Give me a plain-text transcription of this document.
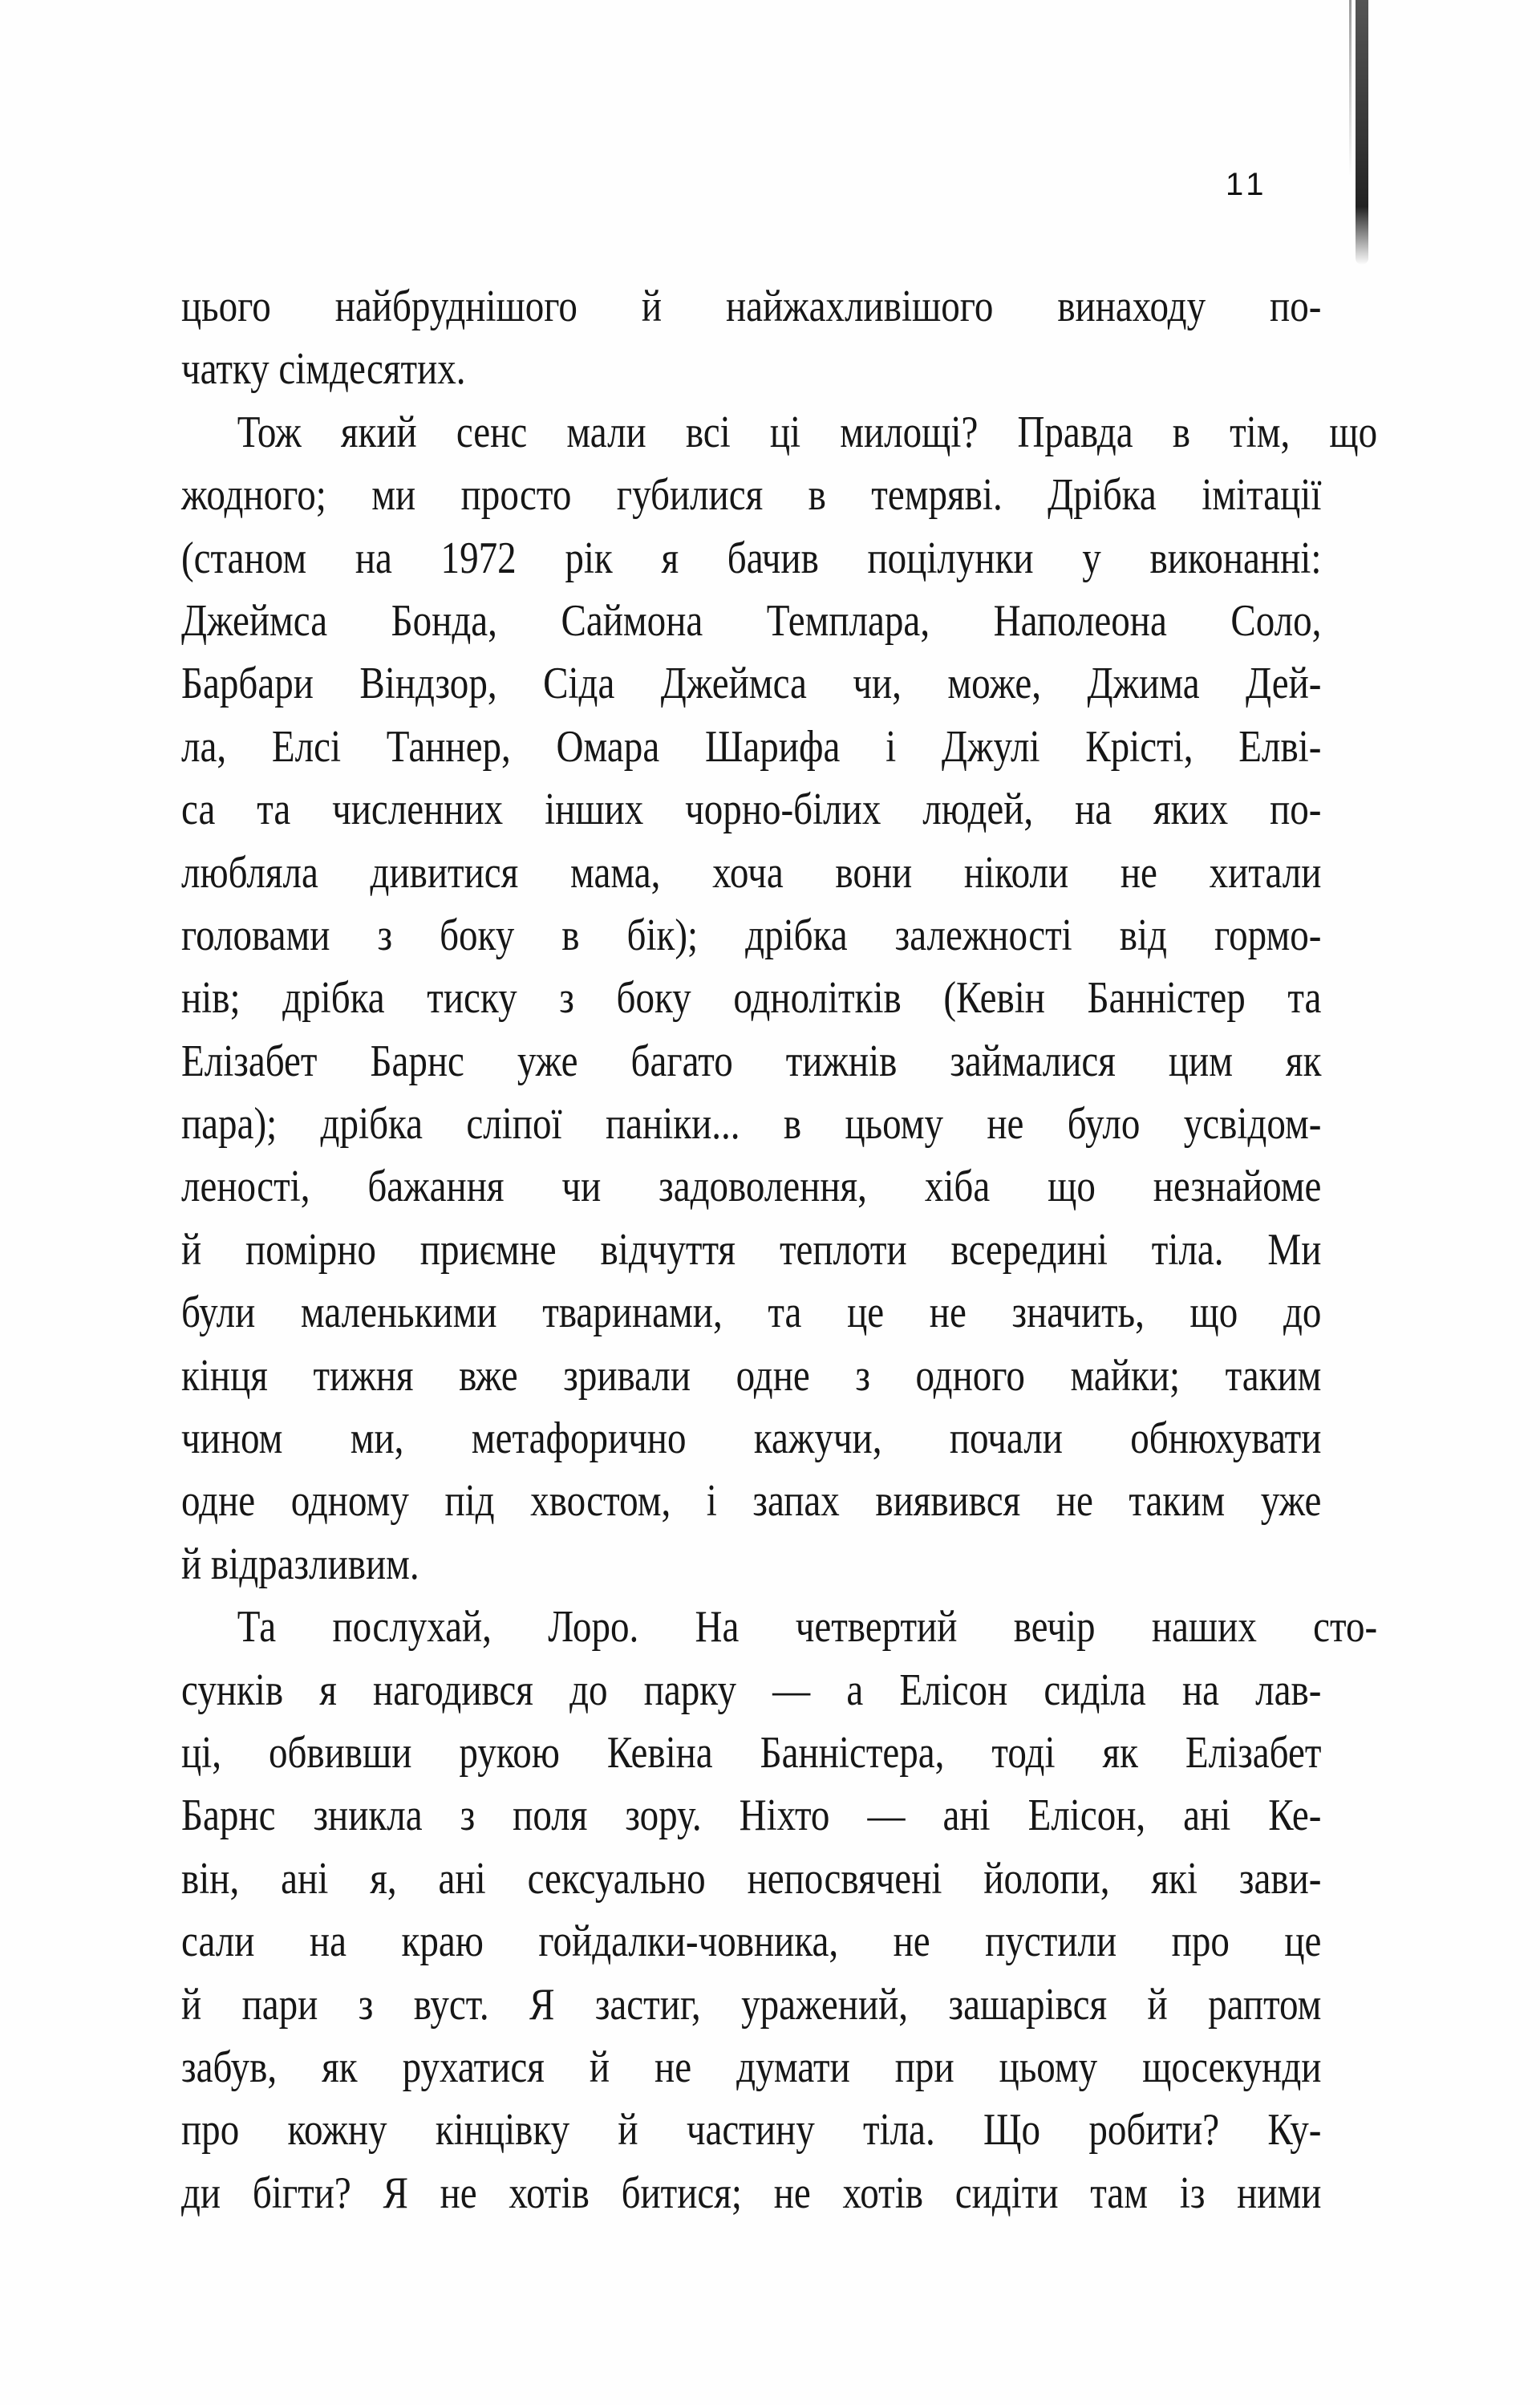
11
цього найбруднішого й найжахливішого винаходу по-
чатку сімдесятих.
Тож який сенс мали всі ці милощі? Правда в тім, що
жодного; ми просто губилися в темряві. Дрібка імітації
(станом на 1972 рік я бачив поцілунки у виконанні:
Джеймса Бонда, Саймона Темплара, Наполеона Соло,
Барбари Віндзор, Сіда Джеймса чи, може, Джима Дей-
ла, Елсі Таннер, Омара Шарифа і Джулі Крісті, Елві-
са та численних інших чорно-білих людей, на яких по-
любляла дивитися мама, хоча вони ніколи не хитали
головами з боку в бік); дрібка залежності від гормо-
нів; дрібка тиску з боку однолітків (Кевін Банністер та
Елізабет Барнс уже багато тижнів займалися цим як
пара); дрібка сліпої паніки... в цьому не було усвідом-
леності, бажання чи задоволення, хіба що незнайоме
й помірно приємне відчуття теплоти всередині тіла. Ми
були маленькими тваринами, та це не значить, що до
кінця тижня вже зривали одне з одного майки; таким
чином ми, метафорично кажучи, почали обнюхувати
одне одному під хвостом, і запах виявився не таким уже
й відразливим.
Та послухай, Лоро. На четвертий вечір наших сто-
сунків я нагодився до парку — а Елісон сиділа на лав-
ці, обвивши рукою Кевіна Банністера, тоді як Елізабет
Барнс зникла з поля зору. Ніхто — ані Елісон, ані Ке-
він, ані я, ані сексуально непосвячені йолопи, які зави-
сали на краю гойдалки-човника, не пустили про це
й пари з вуст. Я застиг, уражений, зашарівся й раптом
забув, як рухатися й не думати при цьому щосекунди
про кожну кінцівку й частину тіла. Що робити? Ку-
ди бігти? Я не хотів битися; не хотів сидіти там із ними
